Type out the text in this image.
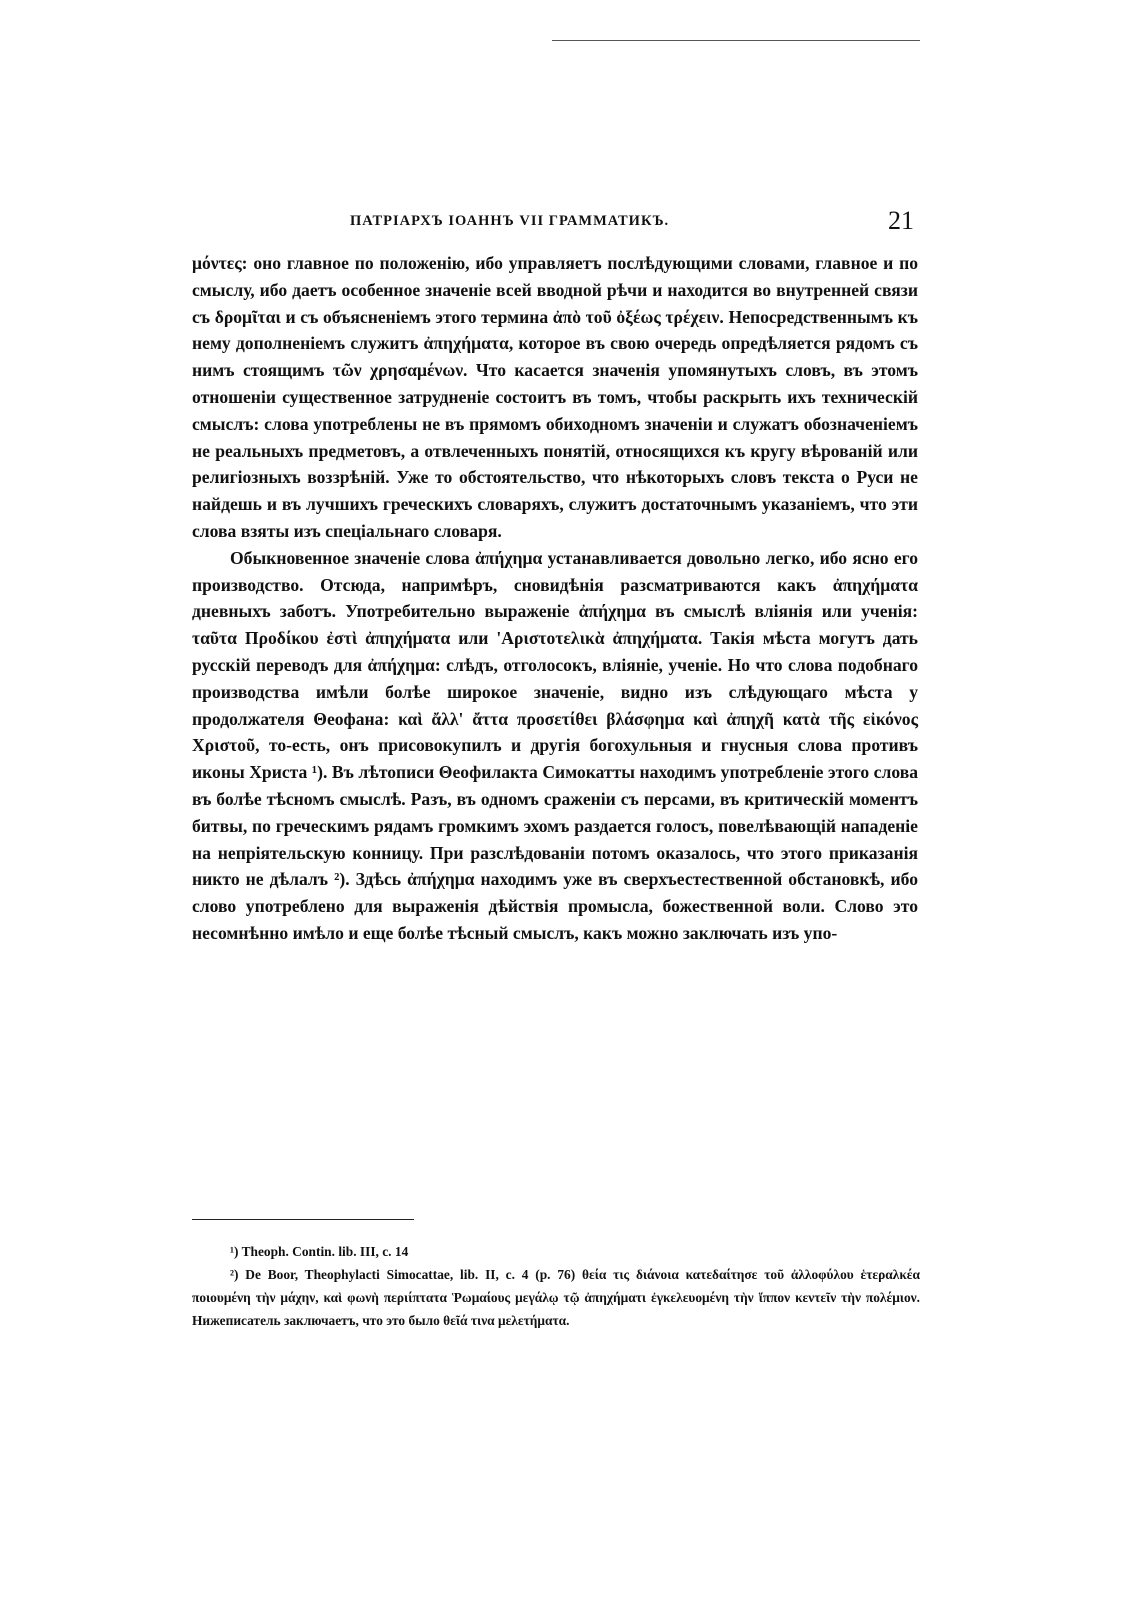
ПАТРІАРХЪ ІОАННЪ VII ГРАММАТИКЪ.	21

μόντες: оно главное по положенію, ибо управляетъ послѣдующими словами, главное и по смыслу, ибо даетъ особенное значеніе всей вводной рѣчи и находится во внутренней связи съ δρομῖται и съ объясненіемъ этого термина ἀπὸ τοῦ ὀξέως τρέχειν. Непосредственнымъ къ нему дополненіемъ служитъ ἀπηχήματα, которое въ свою очередь опредѣляется рядомъ съ нимъ стоящимъ τῶν χρησαμένων. Что касается значенія упомянутыхъ словъ, въ этомъ отношеніи существенное затрудненіе состоитъ въ томъ, чтобы раскрыть ихъ техническій смыслъ: слова употреблены не въ прямомъ обиходномъ значеніи и служатъ обозначеніемъ не реальныхъ предметовъ, а отвлеченныхъ понятій, относящихся къ кругу вѣрованій или религіозныхъ воззрѣній. Уже то обстоятельство, что нѣкоторыхъ словъ текста о Руси не найдешь и въ лучшихъ греческихъ словаряхъ, служитъ достаточнымъ указаніемъ, что эти слова взяты изъ спеціальнаго словаря.

Обыкновенное значеніе слова ἀπήχημα устанавливается довольно легко, ибо ясно его производство. Отсюда, напримѣръ, сновидѣнія разсматриваются какъ ἀπηχήματα дневныхъ заботъ. Употребительно выраженіе ἀπήχημα въ смыслѣ вліянія или ученія: ταῦτα Προδίκου ἐστὶ ἀπηχήματα или 'Αριστοτελικὰ ἀπηχήματα. Такія мѣста могутъ дать русскій переводъ для ἀπήχημα: слѣдъ, отголосокъ, вліяніе, ученіе. Но что слова подобнаго производства имѣли болѣе широкое значеніе, видно изъ слѣдующаго мѣста у продолжателя Θеофана: καὶ ἄλλ' ἄττα προσετίθει βλάσφημα καὶ ἀπηχῆ κατὰ τῆς εἰκόνος Χριστοῦ, то-есть, онъ присовокупилъ и другія богохульныя и гнусныя слова противъ иконы Христа ¹). Въ лѣтописи Θеофилакта Симокатты находимъ употребленіе этого слова въ болѣе тѣсномъ смыслѣ. Разъ, въ одномъ сраженіи съ персами, въ критическій моментъ битвы, по греческимъ рядамъ громкимъ эхомъ раздается голосъ, повелѣвающій нападеніе на непріятельскую конницу. При разслѣдованіи потомъ оказалось, что этого приказанія никто не дѣлалъ ²). Здѣсь ἀπήχημα находимъ уже въ сверхъестественной обстановкѣ, ибо слово употреблено для выраженія дѣйствія промысла, божественной воли. Слово это несомнѣнно имѣло и еще болѣе тѣсный смыслъ, какъ можно заключать изъ упо-

¹) Theoph. Contin. lib. III, c. 14

²) De Boor, Theophylacti Simocattae, lib. II, c. 4 (p. 76) θεία τις διάνοια κατεδαίτησε τοῦ ἀλλοφύλου ἑτεραλκέα ποιουμένη τὴν μάχην, καὶ φωνὴ περιίπτατα Ῥωμαίους μεγάλῳ τῷ ἀπηχήματι ἐγκελευομένη τὴν ἵππον κεντεῖν τὴν πολέμιον. Нижеписатель заключаетъ, что это было θεῖά τινα μελετήματα.
